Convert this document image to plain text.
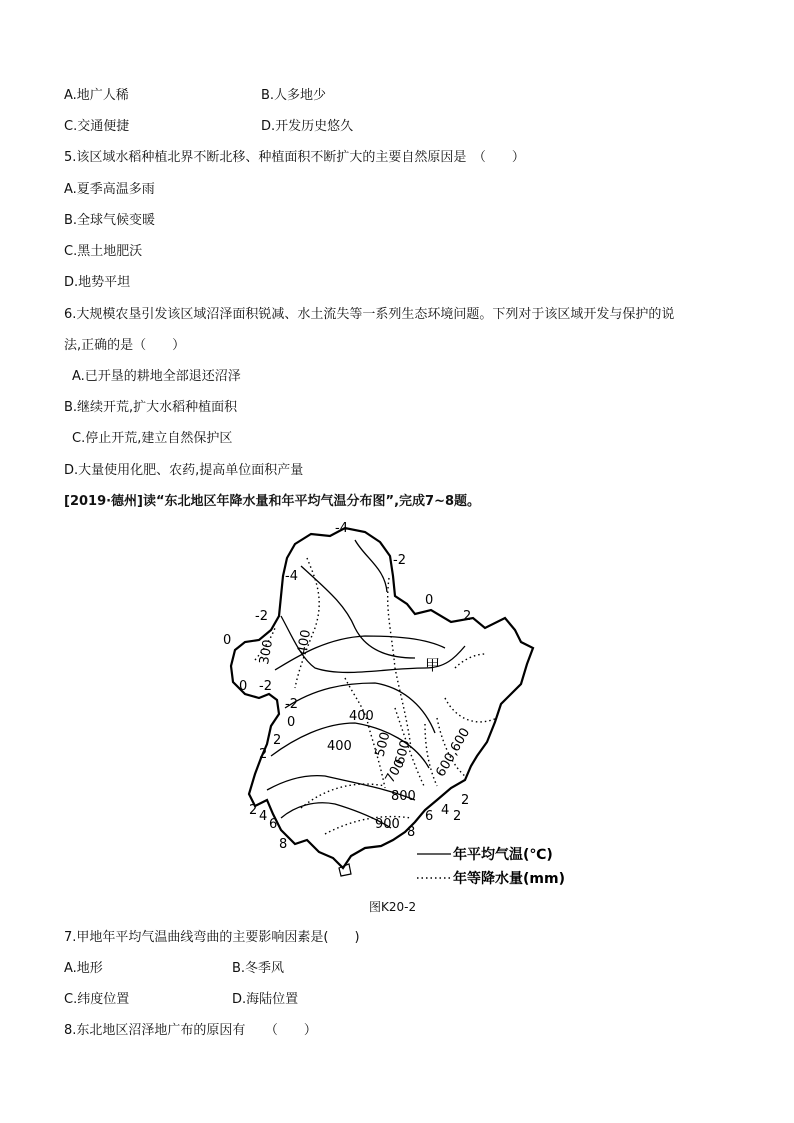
A.地广人稀	B.人多地少
C.交通便捷	D.开发历史悠久
5.该区域水稻种植北界不断北移、种植面积不断扩大的主要自然原因是　（　　）
A.夏季高温多雨
B.全球气候变暖
C.黑土地肥沃
D.地势平坦
6.大规模农垦引发该区域沼泽面积锐减、水土流失等一系列生态环境问题。下列对于该区域开发与保护的说
法,正确的是（　　）
A.已开垦的耕地全部退还沼泽
B.继续开荒,扩大水稻种植面积
C.停止开荒,建立自然保护区
D.大量使用化肥、农药,提高单位面积产量
[2019·德州]读“东北地区年降水量和年平均气温分布图”,完成7~8题。
-4
-2
-4
0
2
-2
0
0 -2
-2
0
2
2
2 4
6
8
2
4
6
8
2
400
300
400
400 500 600
700 600,600
800
900
甲
年平均气温(℃)
年等降水量(mm)
图K20-2
7.甲地年平均气温曲线弯曲的主要影响因素是(　　)
A.地形	B.冬季风
C.纬度位置	D.海陆位置
8.东北地区沼泽地广布的原因有　　（　　）
